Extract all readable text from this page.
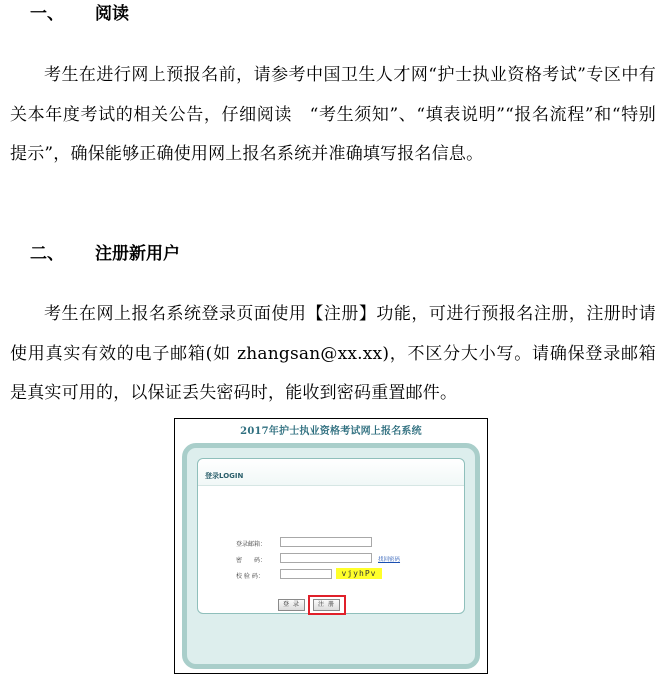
一、 阅读

考生在进行网上预报名前，请参考中国卫生人才网“护士执业资格考试”专区中有关本年度考试的相关公告，仔细阅读　“考生须知”、“填表说明”“报名流程”和“特别提示”，确保能够正确使用网上报名系统并准确填写报名信息。

二、 注册新用户

考生在网上报名系统登录页面使用【注册】功能，可进行预报名注册，注册时请使用真实有效的电子邮箱(如 zhangsan@xx.xx)，不区分大小写。请确保登录邮箱是真实可用的，以保证丢失密码时，能收到密码重置邮件。

2017年护士执业资格考试网上报名系统
登录LOGIN
登录邮箱：
密　　码：	找回密码
校 验 码：	vjyhPv
登 录	注 册
